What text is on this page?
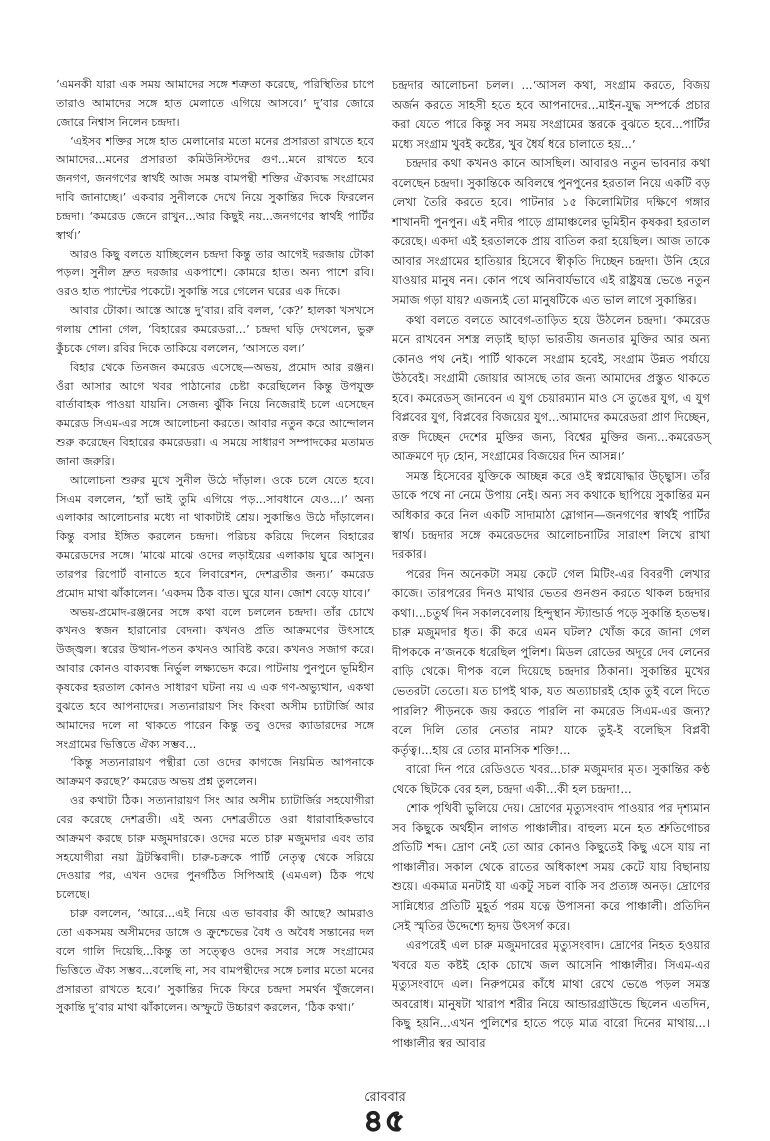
‘এমনকী যারা এক সময় আমাদের সঙ্গে শত্রুতা করেছে, পরিস্থিতির চাপে তারাও আমাদের সঙ্গে হাত মেলাতে এগিয়ে আসবে।’ দু’বার জোরে জোরে নিশ্বাস নিলেন চন্দ্রদা।

‘এইসব শক্তির সঙ্গে হাত মেলানোর মতো মনের প্রসারতা রাখতে হবে আমাদের...মনের প্রসারতা কমিউনিস্টদের গুণ...মনে রাখতে হবে জনগণ, জনগণের স্বার্থই আজ সমস্ত বামপন্থী শক্তির ঐক্যবদ্ধ সংগ্রামের দাবি জানাচ্ছে।’ একবার সুনীলকে দেখে নিয়ে সুকান্তির দিকে ফিরলেন চন্দ্রদা। ‘কমরেড জেনে রাখুন...আর কিছুই নয়...জনগণের স্বার্থই পার্টির স্বার্থ।’

আরও কিছু বলতে যাচ্ছিলেন চন্দ্রদা কিন্তু তার আগেই দরজায় টোকা পড়ল। সুনীল দ্রুত দরজার একপাশে। কোমরে হাত। অন্য পাশে রবি। ওরও হাত প্যান্টের পকেটে। সুকান্তি সরে গেলেন ঘরের এক দিকে।

আবার টোকা। আস্তে আস্তে দু’বার। রবি বলল, ‘কে?’ হালকা খসখসে গলায় শোনা গেল, ‘বিহারের কমরেডরা...’ চন্দ্রদা ঘড়ি দেখলেন, ভুরু কুঁচকে গেল। রবির দিকে তাকিয়ে বললেন, ‘আসতে বল।’

বিহার থেকে তিনজন কমরেড এসেছে—অভয়, প্রমোদ আর রঞ্জন। ওঁরা আসার আগে খবর পাঠানোর চেষ্টা করেছিলেন কিন্তু উপযুক্ত বার্তাবাহক পাওয়া যায়নি। সেজন্য ঝুঁকি নিয়ে নিজেরাই চলে এসেছেন কমরেড সিএম-এর সঙ্গে আলোচনা করতে। আবার নতুন করে আন্দোলন শুরু করেছেন বিহারের কমরেডরা। এ সময়ে সাধারণ সম্পাদকের মতামত জানা জরুরি।

আলোচনা শুরুর মুখে সুনীল উঠে দাঁড়াল। ওকে চলে যেতে হবে। সিএম বললেন, ‘হ্যাঁ ভাই তুমি এগিয়ে পড়...সাবধানে যেও...।’ অন্য এলাকার আলোচনার মধ্যে না থাকাটাই শ্রেয়। সুকান্তিও উঠে দাঁড়ালেন। কিন্তু বসার ইঙ্গিত করলেন চন্দ্রদা। পরিচয় করিয়ে দিলেন বিহারের কমরেডদের সঙ্গে। ‘মাঝে মাঝে ওদের লড়াইয়ের এলাকায় ঘুরে আসুন। তারপর রিপোর্ট বানাতে হবে লিবারেশন, দেশব্রতীর জন্য।’ কমরেড প্রমোদ মাথা ঝাঁকালেন। ‘একদম ঠিক বাত। ঘুরে যান। জোশ বেড়ে যাবে।’

অভয়-প্রমোদ-রঞ্জনের সঙ্গে কথা বলে চললেন চন্দ্রদা। তাঁর চোখে কখনও স্বজন হারানোর বেদনা। কখনও প্রতি আক্রমণের উৎসাহে উজ্জ্বল। স্বরের উত্থান-পতন কখনও আবিষ্ট করে। কখনও সজাগ করে। আবার কোনও বাক্যবন্ধ নির্ভুল লক্ষ্যভেদ করে। পাটনায় পুনপুনে ভূমিহীন কৃষকের হরতাল কোনও সাধারণ ঘটনা নয় এ এক গণ-অভ্যুত্থান, একথা বুঝতে হবে আপনাদের। সত্যনারায়ণ সিং কিংবা অসীম চ্যাটার্জি আর আমাদের দলে না থাকতে পারেন কিন্তু তবু ওদের ক্যাডারদের সঙ্গে সংগ্রামের ভিত্তিতে ঐক্য সম্ভব...

‘কিন্তু সত্যনারায়ণ পন্থীরা তো ওদের কাগজে নিয়মিত আপনাকে আক্রমণ করছে?’ কমরেড অভয় প্রশ্ন তুললেন।

ওর কথাটা ঠিক। সত্যনারায়ণ সিং আর অসীম চ্যাটার্জির সহযোগীরা বের করেছে দেশব্রতী। এই অন্য দেশব্রতীতে ওরা ধারাবাহিকভাবে আক্রমণ করছে চারু মজুমদারকে। ওদের মতে চারু মজুমদার এবং তার সহযোগীরা নয়া ট্রটস্কিবাদী। চারু-চক্রকে পার্টি নেতৃত্ব থেকে সরিয়ে দেওয়ার পর, এখন ওদের পুনর্গঠিত সিপিআই (এমএল) ঠিক পথে চলেছে।

চারু বললেন, ‘আরে...এই নিয়ে এত ভাববার কী আছে? আমরাও তো একসময় অসীমদের ডাঙ্গে ও ক্রুশ্চেভের বৈধ ও অবৈধ সন্তানের দল বলে গালি দিয়েছি...কিন্তু তা সত্ত্বেও ওদের সবার সঙ্গে সংগ্রামের ভিত্তিতে ঐক্য সম্ভব...বলেছি না, সব বামপন্থীদের সঙ্গে চলার মতো মনের প্রসারতা রাখতে হবে।’ সুকান্তির দিকে ফিরে চন্দ্রদা সমর্থন খুঁজলেন। সুকান্তি দু’বার মাথা ঝাঁকালেন। অস্ফুটে উচ্চারণ করলেন, ‘ঠিক কথা।’

চন্দ্রদার আলোচনা চলল। ...‘আসল কথা, সংগ্রাম করতে, বিজয় অর্জন করতে সাহসী হতে হবে আপনাদের...মাইন-যুদ্ধ সম্পর্কে প্রচার করা যেতে পারে কিন্তু সব সময় সংগ্রামের স্তরকে বুঝতে হবে...পার্টির মধ্যে সংগ্রাম খুবই কষ্টের, খুব ধৈর্য ধরে চালাতে হয়...’

চন্দ্রদার কথা কখনও কানে আসছিল। আবারও নতুন ভাবনার কথা বলেছেন চন্দ্রদা। সুকান্তিকে অবিলম্বে পুনপুনের হরতাল নিয়ে একটি বড় লেখা তৈরি করতে হবে। পাটনার ১৫ কিলোমিটার দক্ষিণে গঙ্গার শাখানদী পুনপুন। এই নদীর পাড়ে গ্রামাঞ্চলের ভূমিহীন কৃষকরা হরতাল করেছে। একদা এই হরতালকে প্রায় বাতিল করা হয়েছিল। আজ তাকে আবার সংগ্রামের হাতিয়ার হিসেবে স্বীকৃতি দিচ্ছেন চন্দ্রদা। উনি হেরে যাওয়ার মানুষ নন। কোন পথে অনিবার্যভাবে এই রাষ্ট্রযন্ত্র ভেঙে নতুন সমাজ গড়া যায়? এজন্যই তো মানুষটিকে এত ভাল লাগে সুকান্তির।

কথা বলতে বলতে আবেগ-তাড়িত হয়ে উঠলেন চন্দ্রদা। ‘কমরেড মনে রাখবেন সশস্ত্র লড়াই ছাড়া ভারতীয় জনতার মুক্তির আর অন্য কোনও পথ নেই। পার্টি থাকলে সংগ্রাম হবেই, সংগ্রাম উন্নত পর্যায়ে উঠবেই। সংগ্রামী জোয়ার আসছে তার জন্য আমাদের প্রস্তুত থাকতে হবে। কমরেডস্ জানবেন এ যুগ চেয়ারম্যান মাও সে তুঙের যুগ, এ যুগ বিপ্লবের যুগ, বিপ্লবের বিজয়ের যুগ...আমাদের কমরেডরা প্রাণ দিচ্ছেন, রক্ত দিচ্ছেন দেশের মুক্তির জন্য, বিশ্বের মুক্তির জন্য...কমরেডস্ আক্রমণে দৃঢ় হোন, সংগ্রামের বিজয়ের দিন আসন্ন।’

সমস্ত হিসেবের যুক্তিকে আচ্ছন্ন করে ওই স্বপ্নযোদ্ধার উচ্ছ্বাস। তাঁর ডাকে পথে না নেমে উপায় নেই। অন্য সব কথাকে ছাপিয়ে সুকান্তির মন অধিকার করে নিল একটি সাদামাঠা স্লোগান—জনগণের স্বার্থই পার্টির স্বার্থ। চন্দ্রদার সঙ্গে কমরেডদের আলোচনাটির সারাংশ লিখে রাখা দরকার।

পরের দিন অনেকটা সময় কেটে গেল মিটিং-এর বিবরণী লেখার কাজে। তারপরের দিনও মাথার ভেতর গুনগুন করতে থাকল চন্দ্রদার কথা।...চতুর্থ দিন সকালবেলায় হিন্দুস্থান স্ট্যান্ডার্ড পড়ে সুকান্তি হতভম্ব। চারু মজুমদার ধৃত। কী করে এমন ঘটল? খোঁজ করে জানা গেল দীপককে ন’জনকে ধরেছিল পুলিশ। মিডল রোডের অদূরে দেব লেনের বাড়ি থেকে। দীপক বলে দিয়েছে চন্দ্রদার ঠিকানা। সুকান্তির মুখের ভেতরটা তেতো। যত চাপই থাক, যত অত্যাচারই হোক তুই বলে দিতে পারলি? পীড়নকে জয় করতে পারলি না কমরেড সিএম-এর জন্য? বলে দিলি তোর নেতার নাম? যাকে তুই-ই বলেছিস বিপ্লবী কর্তৃত্ব।...হায় রে তোর মানসিক শক্তি!...

বারো দিন পরে রেডিওতে খবর...চারু মজুমদার মৃত। সুকান্তির কণ্ঠ থেকে ছিটকে বের হল, চন্দ্রদা একী...কী হল চন্দ্রদা!...

শোক পৃথিবী ভুলিয়ে দেয়। দ্রোণের মৃত্যুসংবাদ পাওয়ার পর দৃশ্যমান সব কিছুকে অর্থহীন লাগত পাঞ্চালীর। বাহুল্য মনে হত শ্রুতিগোচর প্রতিটি শব্দ। দ্রোণ নেই তো আর কোনও কিছুতেই কিছু এসে যায় না পাঞ্চালীর। সকাল থেকে রাতের অধিকাংশ সময় কেটে যায় বিছানায় শুয়ে। একমাত্র মনটাই যা একটু সচল বাকি সব প্রত্যঙ্গ অনড়। দ্রোণের সান্নিধ্যের প্রতিটি মুহূর্ত পরম যত্নে উপাসনা করে পাঞ্চালী। প্রতিদিন সেই স্মৃতির উদ্দেশ্যে হৃদয় উৎসর্গ করে।

এরপরেই এল চারু মজুমদারের মৃত্যুসংবাদ। দ্রোণের নিহত হওয়ার খবরে যত কষ্টই হোক চোখে জল আসেনি পাঞ্চালীর। সিএম-এর মৃত্যুসংবাদে এল। নিরুপমের কাঁধে মাথা রেখে ভেঙে পড়ল সমস্ত অবরোধ। মানুষটা খারাপ শরীর নিয়ে আন্ডারগ্রাউন্ডে ছিলেন এতদিন, কিছু হয়নি...এখন পুলিশের হাতে পড়ে মাত্র বারো দিনের মাথায়...। পাঞ্চালীর স্বর আবার

রোববার
৪৫
